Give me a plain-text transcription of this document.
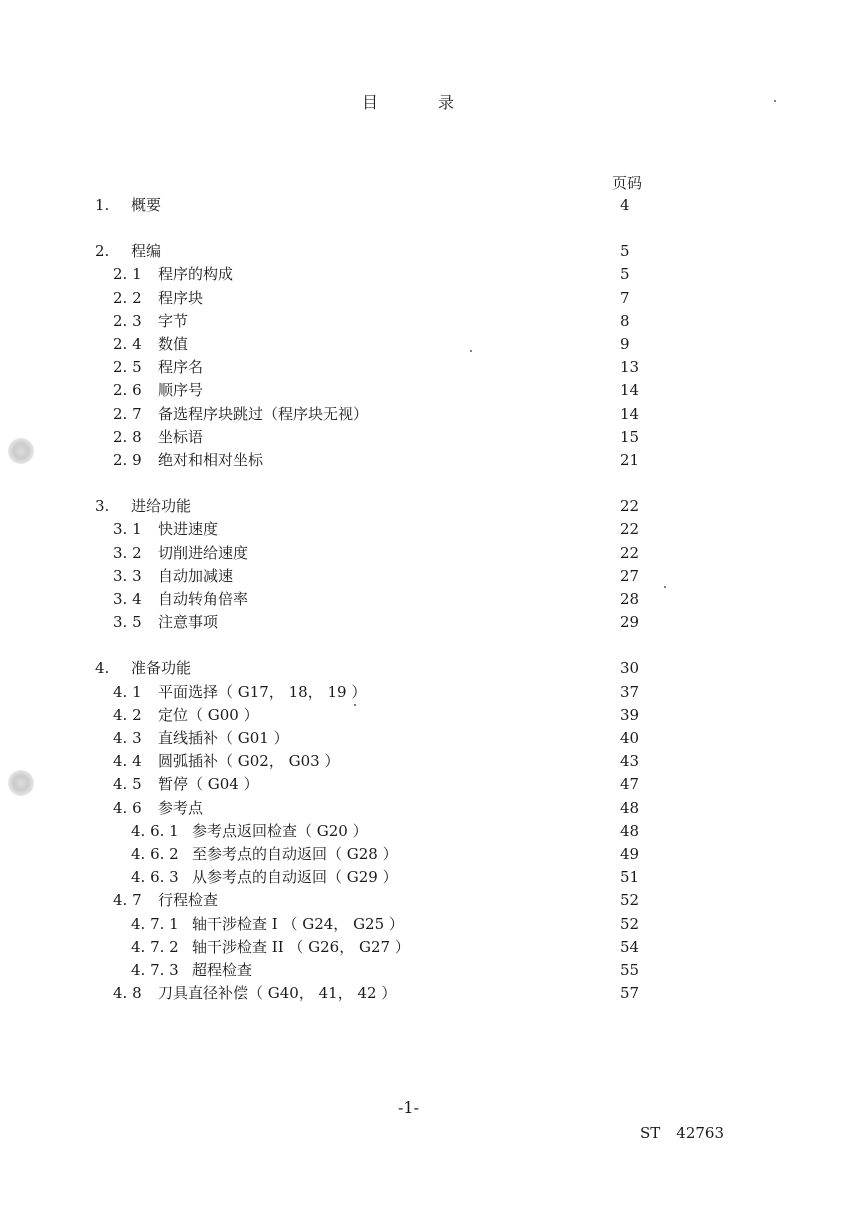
目	录
页码
1. 概要	4
2. 程编	5
2. 1 程序的构成	5
2. 2 程序块	7
2. 3 字节	8
2. 4 数值	9
2. 5 程序名	13
2. 6 顺序号	14
2. 7 备选程序块跳过（程序块无视）	14
2. 8 坐标语	15
2. 9 绝对和相对坐标	21
3. 进给功能	22
3. 1 快进速度	22
3. 2 切削进给速度	22
3. 3 自动加减速	27
3. 4 自动转角倍率	28
3. 5 注意事项	29
4. 准备功能	30
4. 1 平面选择（ G17， 18， 19 ）	37
4. 2 定位（ G00 ）	39
4. 3 直线插补（ G01 ）	40
4. 4 圆弧插补（ G02， G03 ）	43
4. 5 暂停（ G04 ）	47
4. 6 参考点	48
4. 6. 1 参考点返回检查（ G20 ）	48
4. 6. 2 至参考点的自动返回（ G28 ）	49
4. 6. 3 从参考点的自动返回（ G29 ）	51
4. 7 行程检查	52
4. 7. 1 轴干涉检查 I （ G24， G25 ）	52
4. 7. 2 轴干涉检查 II （ G26， G27 ）	54
4. 7. 3 超程检查	55
4. 8 刀具直径补偿（ G40， 41， 42 ）	57
-1-
ST 42763
